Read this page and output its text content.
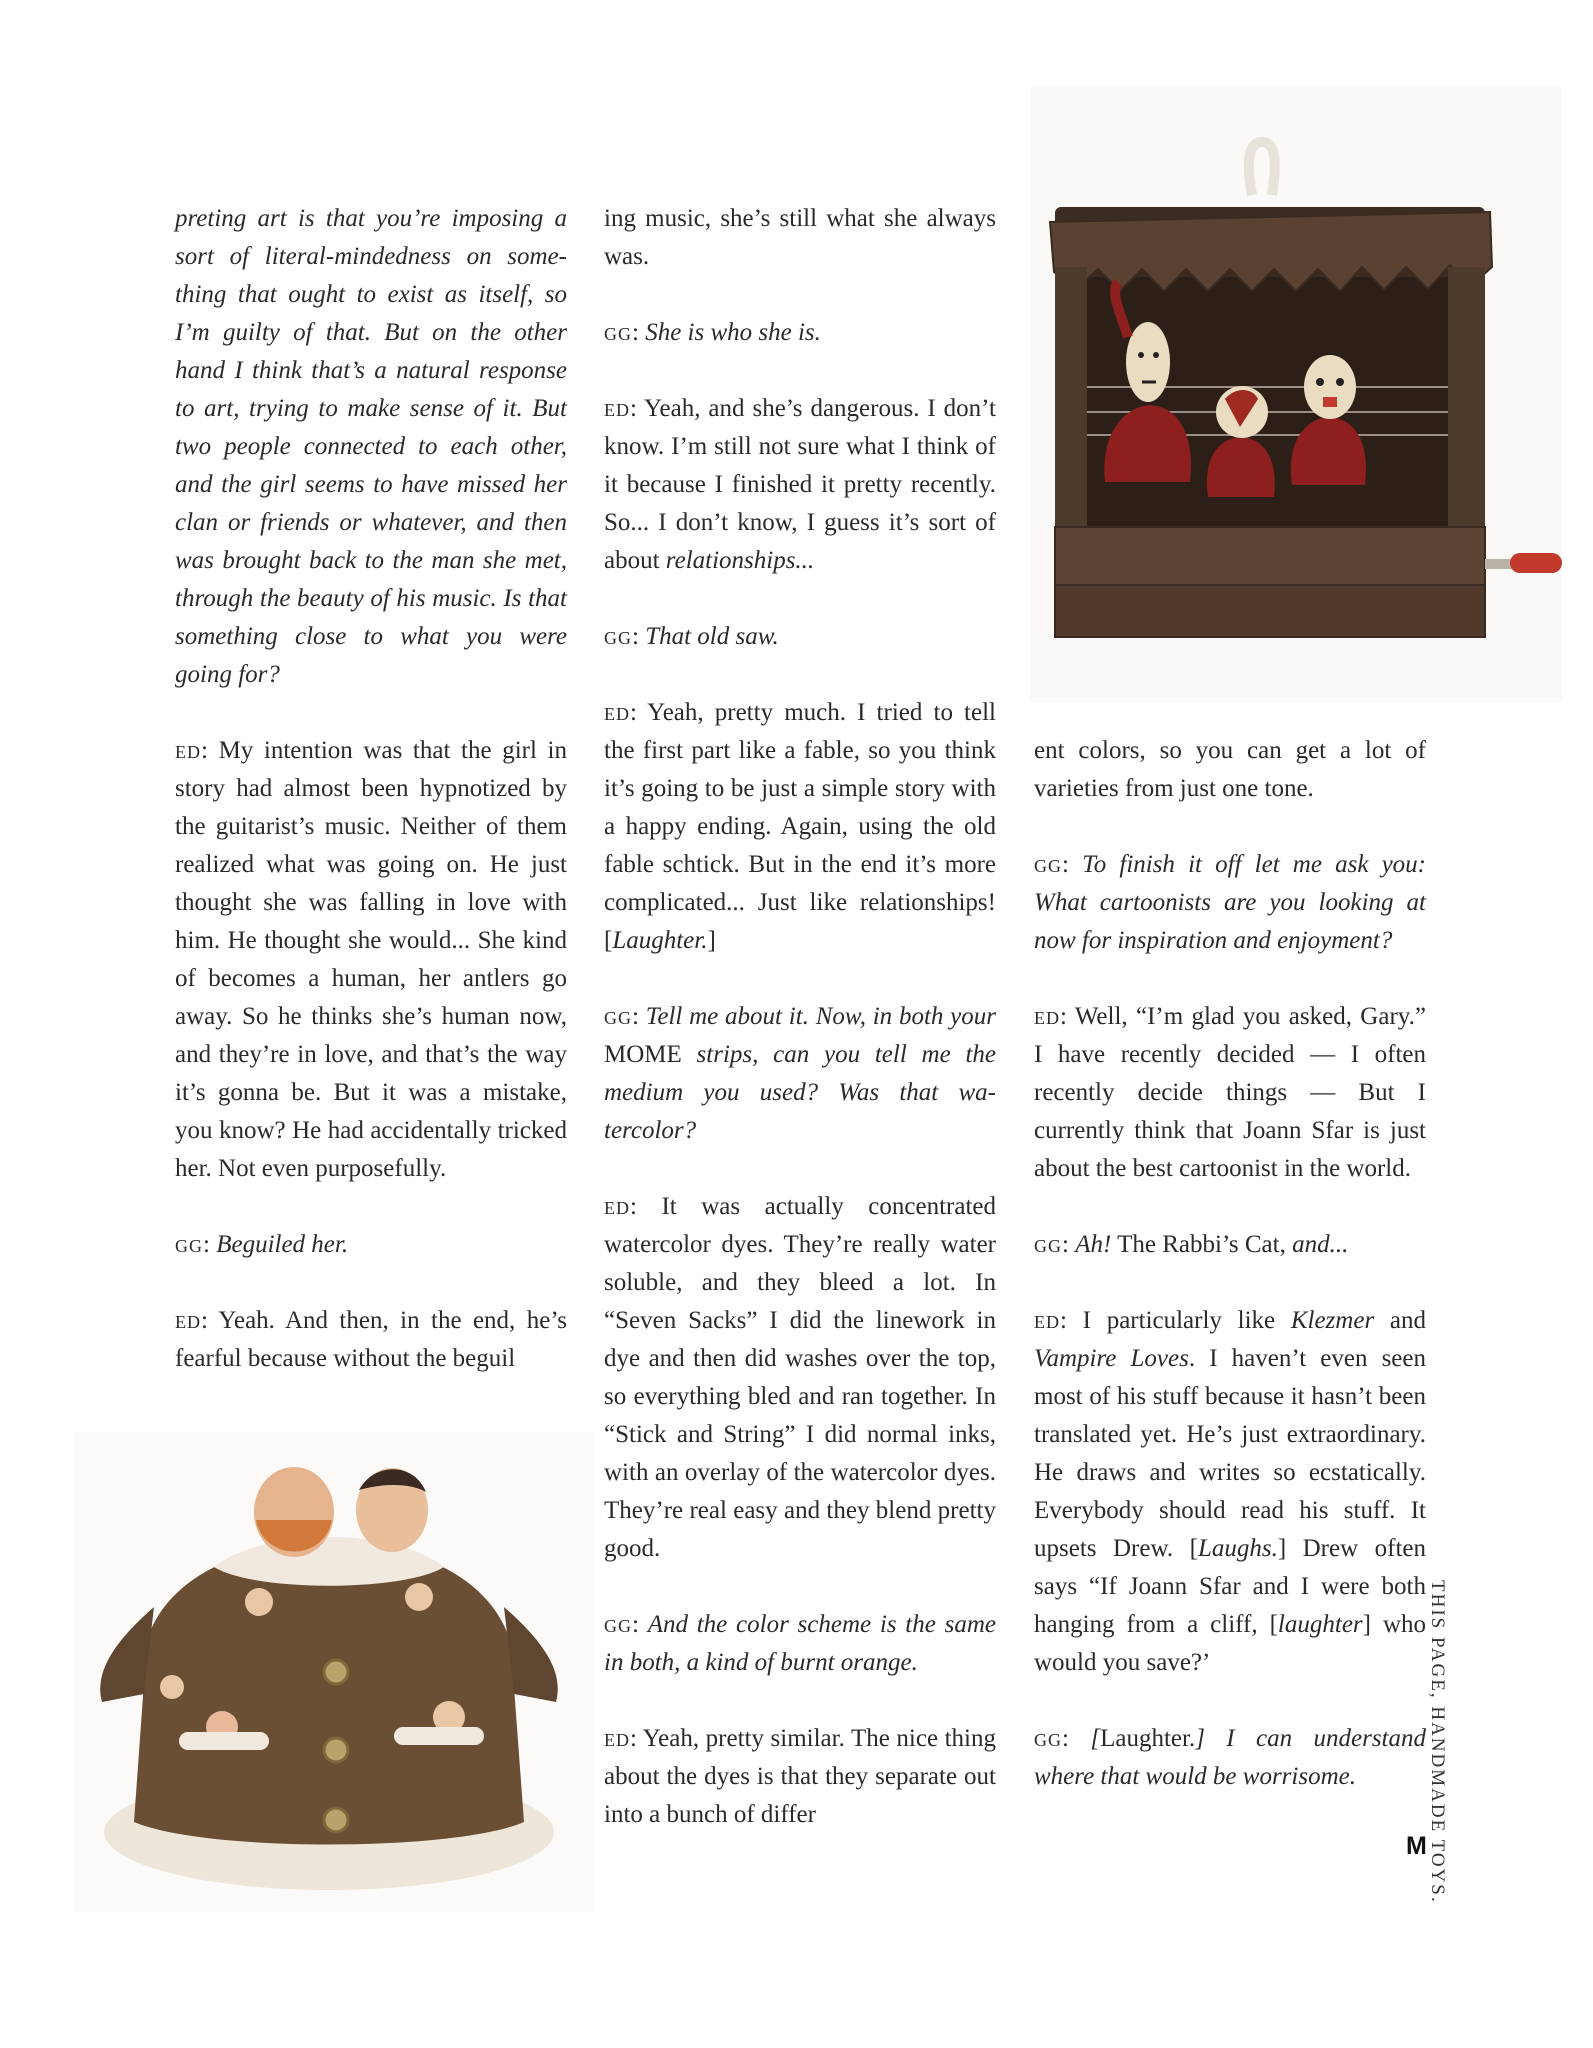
preting art is that you’re imposing a sort of literal-mindedness on something that ought to exist as itself, so I’m guilty of that. But on the other hand I think that’s a natural response to art, trying to make sense of it. But two people connected to each other, and the girl seems to have missed her clan or friends or whatever, and then was brought back to the man she met, through the beauty of his music. Is that something close to what you were going for?

ed: My intention was that the girl in story had almost been hypnotized by the guitarist’s music. Neither of them realized what was going on. He just thought she was falling in love with him. He thought she would... She kind of becomes a human, her antlers go away. So he thinks she’s human now, and they’re in love, and that’s the way it’s gonna be. But it was a mistake, you know? He had accidentally tricked her. Not even purposefully.

gg: Beguiled her.

ed: Yeah. And then, in the end, he’s fearful because without the beguil

ing music, she’s still what she always was.

gg: She is who she is.

ed: Yeah, and she’s dangerous. I don’t know. I’m still not sure what I think of it because I finished it pretty recently. So... I don’t know, I guess it’s sort of about relationships...

gg: That old saw.

ed: Yeah, pretty much. I tried to tell the first part like a fable, so you think it’s going to be just a simple story with a happy ending. Again, using the old fable schtick. But in the end it’s more complicated... Just like relationships! [Laughter.]

gg: Tell me about it. Now, in both your MOME strips, can you tell me the medium you used? Was that watercolor?

ed: It was actually concentrated watercolor dyes. They’re really water soluble, and they bleed a lot. In “Seven Sacks” I did the linework in dye and then did washes over the top, so everything bled and ran together. In “Stick and String” I did normal inks, with an overlay of the watercolor dyes. They’re real easy and they blend pretty good.

gg: And the color scheme is the same in both, a kind of burnt orange.

ed: Yeah, pretty similar. The nice thing about the dyes is that they separate out into a bunch of differ

ent colors, so you can get a lot of varieties from just one tone.

gg: To finish it off let me ask you: What cartoonists are you looking at now for inspiration and enjoyment?

ed: Well, “I’m glad you asked, Gary.” I have recently decided — I often recently decide things — But I currently think that Joann Sfar is just about the best cartoonist in the world.

gg: Ah! The Rabbi’s Cat, and...

ed: I particularly like Klezmer and Vampire Loves. I haven’t even seen most of his stuff because it hasn’t been translated yet. He’s just extraordinary. He draws and writes so ecstatically. Everybody should read his stuff. It upsets Drew. [Laughs.] Drew often says “If Joann Sfar and I were both hanging from a cliff, [laughter] who would you save?’

gg: [Laughter.] I can understand where that would be worrisome.	THIS PAGE, HANDMADE TOYS.
M
